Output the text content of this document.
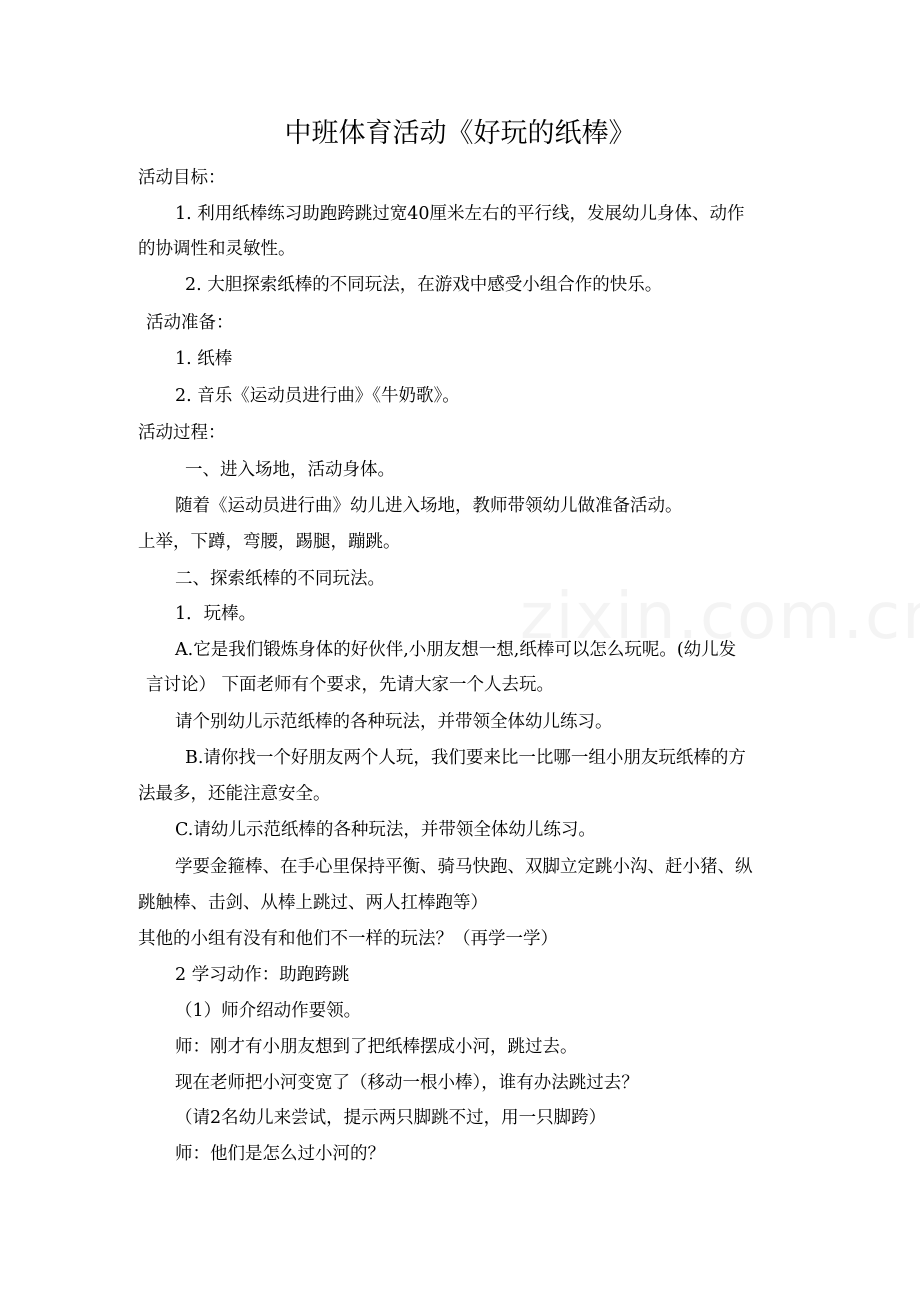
中班体育活动《好玩的纸棒》
活动目标：
1. 利用纸棒练习助跑跨跳过宽40厘米左右的平行线，发展幼儿身体、动作
的协调性和灵敏性。
2. 大胆探索纸棒的不同玩法，在游戏中感受小组合作的快乐。
活动准备：
1. 纸棒
2. 音乐《运动员进行曲》《牛奶歌》。
活动过程：
一、进入场地，活动身体。
随着《运动员进行曲》幼儿进入场地，教师带领幼儿做准备活动。
上举，下蹲，弯腰，踢腿，蹦跳。
二、探索纸棒的不同玩法。
1．玩棒。
A.它是我们锻炼身体的好伙伴,小朋友想一想,纸棒可以怎么玩呢。(幼儿发
言讨论） 下面老师有个要求，先请大家一个人去玩。
请个别幼儿示范纸棒的各种玩法，并带领全体幼儿练习。
B.请你找一个好朋友两个人玩，我们要来比一比哪一组小朋友玩纸棒的方
法最多，还能注意安全。
C.请幼儿示范纸棒的各种玩法，并带领全体幼儿练习。
学要金箍棒、在手心里保持平衡、骑马快跑、双脚立定跳小沟、赶小猪、纵
跳触棒、击剑、从棒上跳过、两人扛棒跑等）
其他的小组有没有和他们不一样的玩法？（再学一学）
2 学习动作：助跑跨跳
（1）师介绍动作要领。
师：刚才有小朋友想到了把纸棒摆成小河，跳过去。
现在老师把小河变宽了（移动一根小棒），谁有办法跳过去？
（请2名幼儿来尝试，提示两只脚跳不过，用一只脚跨）
师：他们是怎么过小河的？
